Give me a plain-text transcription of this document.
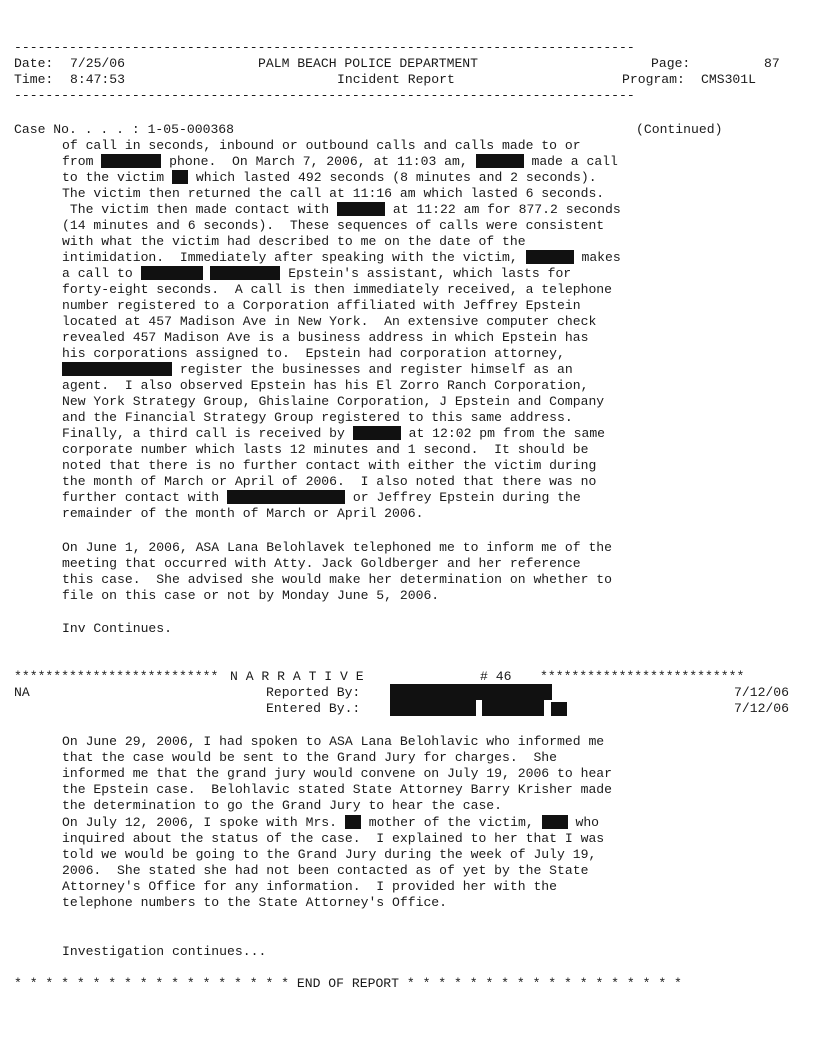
-------------------------------------------------------------------------------
Date: 7/25/06	PALM BEACH POLICE DEPARTMENT	Page:	87
Time: 8:47:53	Incident Report	Program: CMS301L
-------------------------------------------------------------------------------
Case No. . . . : 1-05-000368	(Continued)
of call in seconds, inbound or outbound calls and calls made to or
from	phone.  On March 7, 2006, at 11:03 am,	made a call
to the victim  which lasted 492 seconds (8 minutes and 2 seconds).
The victim then returned the call at 11:16 am which lasted 6 seconds.
The victim then made contact with	at 11:22 am for 877.2 seconds
(14 minutes and 6 seconds).  These sequences of calls were consistent
with what the victim had described to me on the date of the
intimidation.  Immediately after speaking with the victim,	makes
a call to	Epstein's assistant, which lasts for
forty-eight seconds.  A call is then immediately received, a telephone
number registered to a Corporation affiliated with Jeffrey Epstein
located at 457 Madison Ave in New York.  An extensive computer check
revealed 457 Madison Ave is a business address in which Epstein has
his corporations assigned to.  Epstein had corporation attorney,
register the businesses and register himself as an
agent.  I also observed Epstein has his El Zorro Ranch Corporation,
New York Strategy Group, Ghislaine Corporation, J Epstein and Company
and the Financial Strategy Group registered to this same address.
Finally, a third call is received by	at 12:02 pm from the same
corporate number which lasts 12 minutes and 1 second.  It should be
noted that there is no further contact with either the victim during
the month of March or April of 2006.  I also noted that there was no
further contact with	or Jeffrey Epstein during the
remainder of the month of March or April 2006.
On June 1, 2006, ASA Lana Belohlavek telephoned me to inform me of the
meeting that occurred with Atty. Jack Goldberger and her reference
this case.  She advised she would make her determination on whether to
file on this case or not by Monday June 5, 2006.
Inv Continues.
************************** N A R R A T I V E	# 46 **************************
NA	Reported By:	7/12/06
Entered By.:	7/12/06
On June 29, 2006, I had spoken to ASA Lana Belohlavic who informed me
that the case would be sent to the Grand Jury for charges.  She
informed me that the grand jury would convene on July 19, 2006 to hear
the Epstein case.  Belohlavic stated State Attorney Barry Krisher made
the determination to go the Grand Jury to hear the case.
On July 12, 2006, I spoke with Mrs.  mother of the victim,  who
inquired about the status of the case.  I explained to her that I was
told we would be going to the Grand Jury during the week of July 19,
2006.  She stated she had not been contacted as of yet by the State
Attorney's Office for any information.  I provided her with the
telephone numbers to the State Attorney's Office.
Investigation continues...
* * * * * * * * * * * * * * * * * * END OF REPORT * * * * * * * * * * * * * * * * * *
